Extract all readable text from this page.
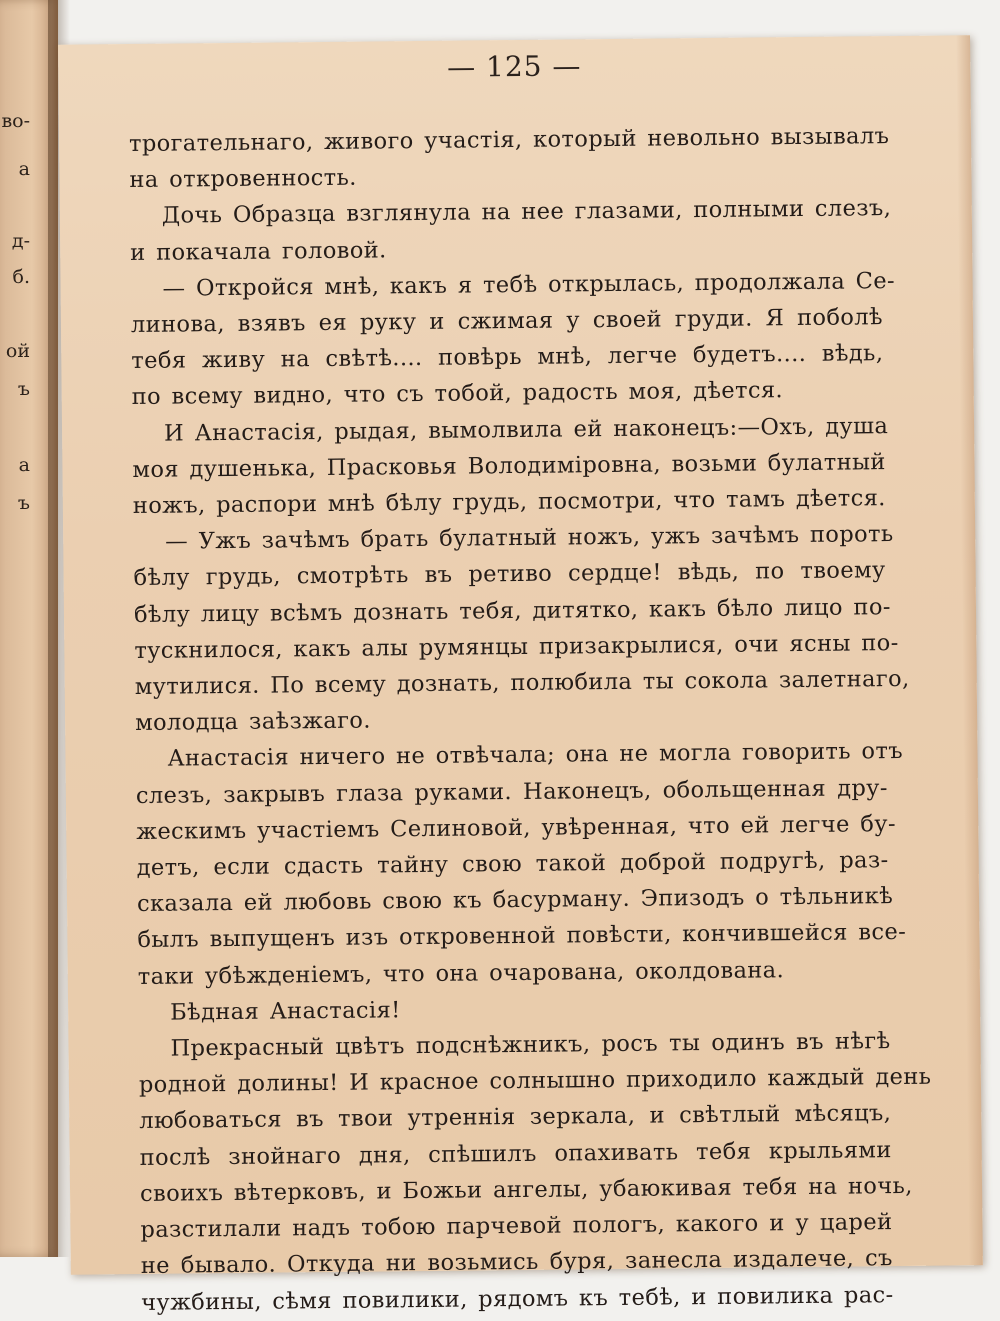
во-
а
д-
б.
ой
ъ
а
ъ
— 125 —
трогательнаго, живого участія, который невольно вызывалъ
на откровенность.
Дочь Образца взглянула на нее глазами, полными слезъ,
и покачала головой.
— Откройся мнѣ, какъ я тебѣ открылась, продолжала Се-
линова, взявъ ея руку и сжимая у своей груди. Я поболѣ
тебя живу на свѣтѣ.... повѣрь мнѣ, легче будетъ.... вѣдь,
по всему видно, что съ тобой, радость моя, дѣется.
И Анастасія, рыдая, вымолвила ей наконецъ:—Охъ, душа
моя душенька, Прасковья Володиміровна, возьми булатный
ножъ, распори мнѣ бѣлу грудь, посмотри, что тамъ дѣется.
— Ужъ зачѣмъ брать булатный ножъ, ужъ зачѣмъ пороть
бѣлу грудь, смотрѣть въ ретиво сердце! вѣдь, по твоему
бѣлу лицу всѣмъ дознать тебя, дитятко, какъ бѣло лицо по-
тускнилося, какъ алы румянцы призакрылися, очи ясны по-
мутилися. По всему дознать, полюбила ты сокола залетнаго,
молодца заѣзжаго.
Анастасія ничего не отвѣчала; она не могла говорить отъ
слезъ, закрывъ глаза руками. Наконецъ, обольщенная дру-
жескимъ участіемъ Селиновой, увѣренная, что ей легче бу-
детъ, если сдасть тайну свою такой доброй подругѣ, раз-
сказала ей любовь свою къ басурману. Эпизодъ о тѣльникѣ
былъ выпущенъ изъ откровенной повѣсти, кончившейся все-
таки убѣжденіемъ, что она очарована, околдована.
Бѣдная Анастасія!
Прекрасный цвѣтъ подснѣжникъ, росъ ты одинъ въ нѣгѣ
родной долины! И красное солнышно приходило каждый день
любоваться въ твои утреннія зеркала, и свѣтлый мѣсяцъ,
послѣ знойнаго дня, спѣшилъ опахивать тебя крыльями
своихъ вѣтерковъ, и Божьи ангелы, убаюкивая тебя на ночь,
разстилали надъ тобою парчевой пологъ, какого и у царей
не бывало. Откуда ни возьмись буря, занесла издалече, съ
чужбины, сѣмя повилики, рядомъ къ тебѣ, и повилика рас-
